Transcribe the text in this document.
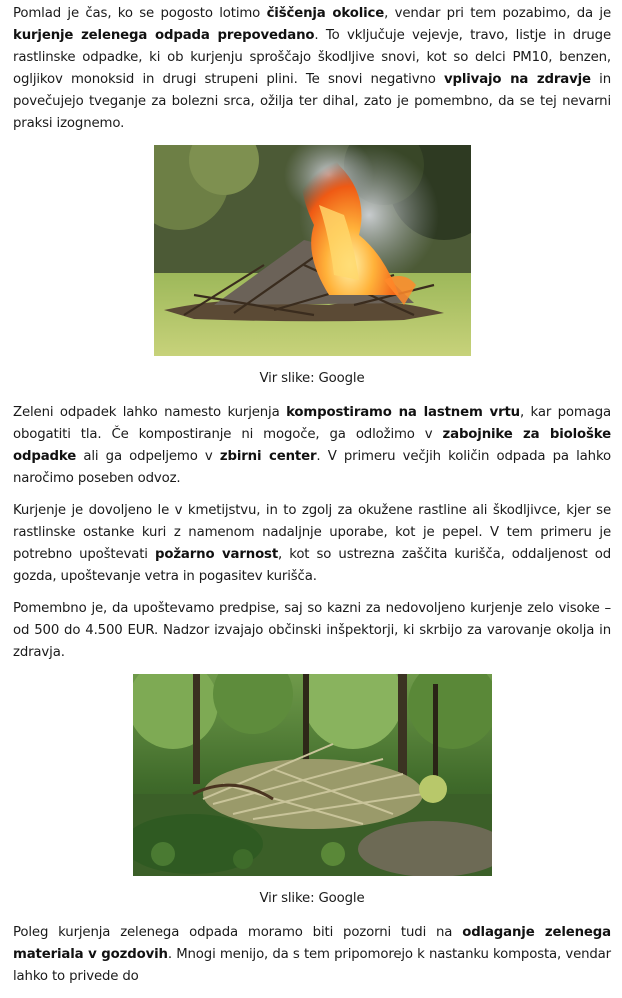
Pomlad je čas, ko se pogosto lotimo čiščenja okolice, vendar pri tem pozabimo, da je kurjenje zelenega odpada prepovedano. To vključuje vejevje, travo, listje in druge rastlinske odpadke, ki ob kurjenju sproščajo škodljive snovi, kot so delci PM10, benzen, ogljikov monoksid in drugi strupeni plini. Te snovi negativno vplivajo na zdravje in povečujejo tveganje za bolezni srca, ožilja ter dihal, zato je pomembno, da se tej nevarni praksi izognemo.

Vir slike: Google

Zeleni odpadek lahko namesto kurjenja kompostiramo na lastnem vrtu, kar pomaga obogatiti tla. Če kompostiranje ni mogoče, ga odložimo v zabojnike za biološke odpadke ali ga odpeljemo v zbirni center. V primeru večjih količin odpada pa lahko naročimo poseben odvoz.

Kurjenje je dovoljeno le v kmetijstvu, in to zgolj za okužene rastline ali škodljivce, kjer se rastlinske ostanke kuri z namenom nadaljnje uporabe, kot je pepel. V tem primeru je potrebno upoštevati požarno varnost, kot so ustrezna zaščita kurišča, oddaljenost od gozda, upoštevanje vetra in pogasitev kurišča.

Pomembno je, da upoštevamo predpise, saj so kazni za nedovoljeno kurjenje zelo visoke – od 500 do 4.500 EUR. Nadzor izvajajo občinski inšpektorji, ki skrbijo za varovanje okolja in zdravja.

Vir slike: Google

Poleg kurjenja zelenega odpada moramo biti pozorni tudi na odlaganje zelenega materiala v gozdovih. Mnogi menijo, da s tem pripomorejo k nastanku komposta, vendar lahko to privede do
